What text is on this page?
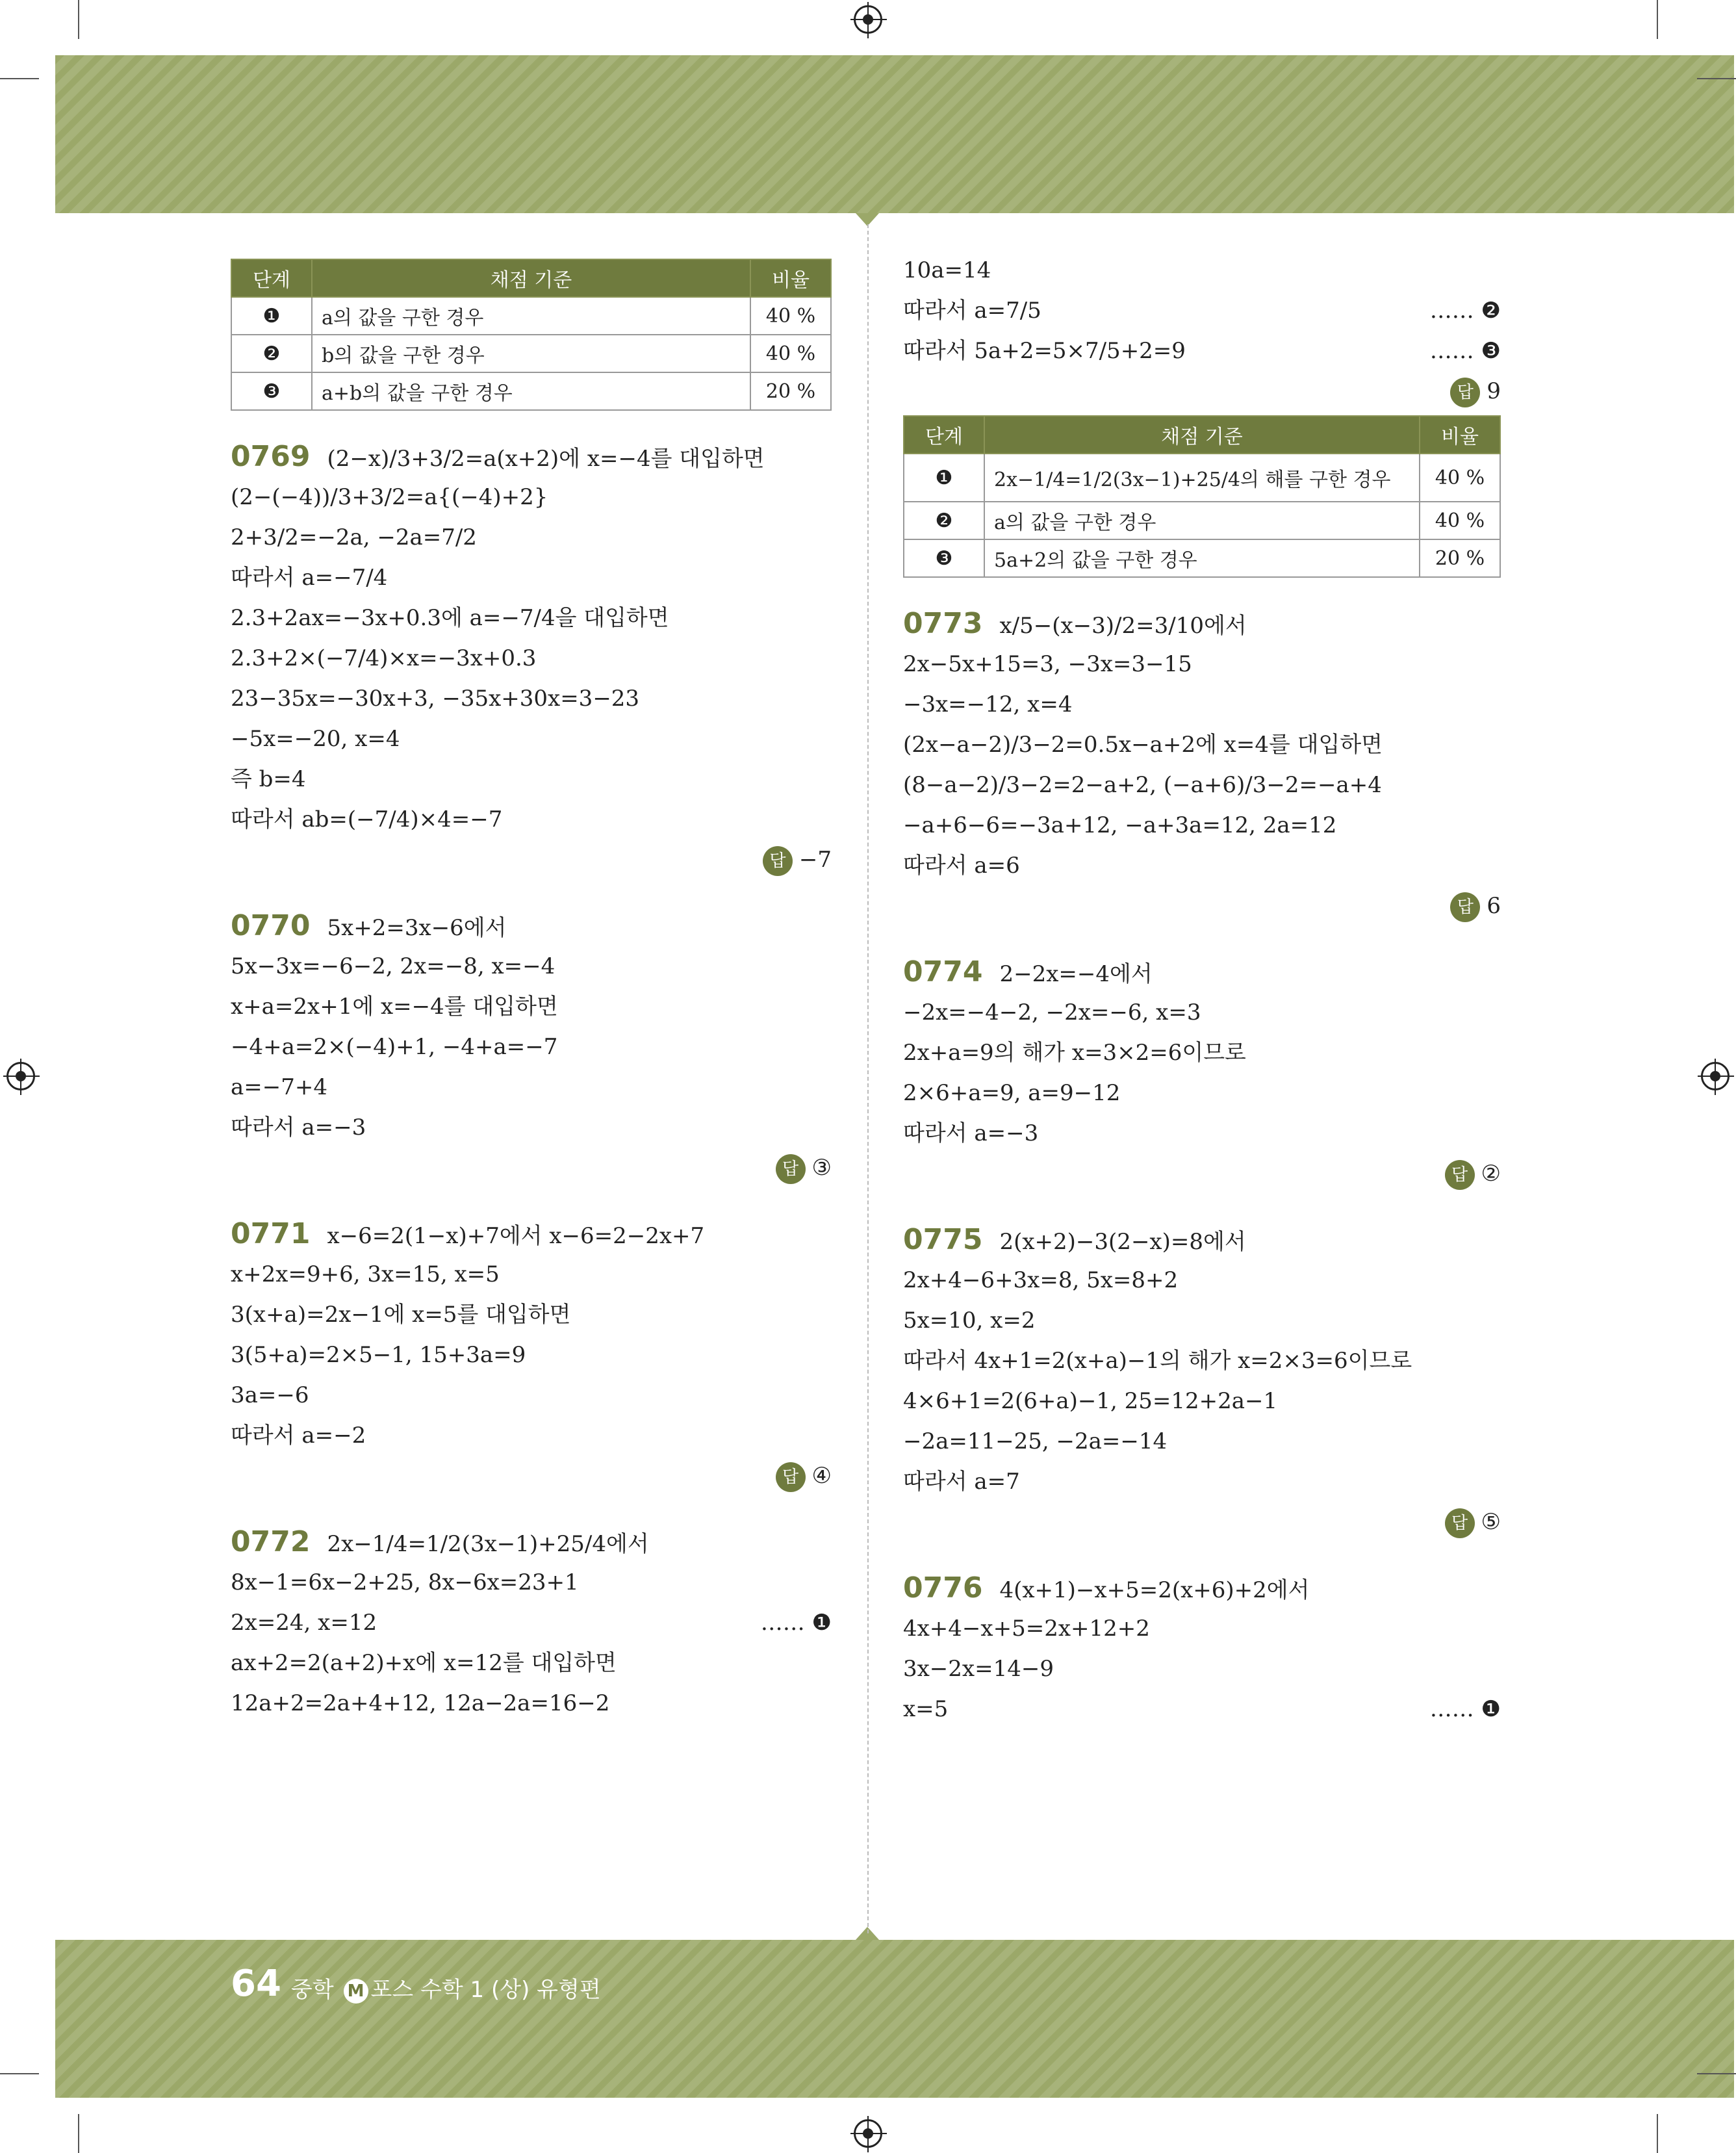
단계	채점 기준	비율
❶	a의 값을 구한 경우	40 %
❷	b의 값을 구한 경우	40 %
❸	a+b의 값을 구한 경우	20 %
0769 (2−x)/3+3/2=a(x+2)에 x=−4를 대입하면
(2−(−4))/3+3/2=a{(−4)+2}
2+3/2=−2a, −2a=7/2
따라서 a=−7/4
2.3+2ax=−3x+0.3에 a=−7/4을 대입하면
2.3+2×(−7/4)×x=−3x+0.3
23−35x=−30x+3, −35x+30x=3−23
−5x=−20, x=4
즉 b=4
따라서 ab=(−7/4)×4=−7
답 −7
0770 5x+2=3x−6에서
5x−3x=−6−2, 2x=−8, x=−4
x+a=2x+1에 x=−4를 대입하면
−4+a=2×(−4)+1, −4+a=−7
a=−7+4
따라서 a=−3
답 ③
0771 x−6=2(1−x)+7에서 x−6=2−2x+7
x+2x=9+6, 3x=15, x=5
3(x+a)=2x−1에 x=5를 대입하면
3(5+a)=2×5−1, 15+3a=9
3a=−6
따라서 a=−2
답 ④
0772 2x−1/4=1/2(3x−1)+25/4에서
8x−1=6x−2+25, 8x−6x=23+1
2x=24, x=12	…… ❶
ax+2=2(a+2)+x에 x=12를 대입하면
12a+2=2a+4+12, 12a−2a=16−2
10a=14
따라서 a=7/5	…… ❷
따라서 5a+2=5×7/5+2=9	…… ❸
답 9
단계	채점 기준	비율
❶	2x−1/4=1/2(3x−1)+25/4의 해를 구한 경우	40 %
❷	a의 값을 구한 경우	40 %
❸	5a+2의 값을 구한 경우	20 %
0773 x/5−(x−3)/2=3/10에서
2x−5x+15=3, −3x=3−15
−3x=−12, x=4
(2x−a−2)/3−2=0.5x−a+2에 x=4를 대입하면
(8−a−2)/3−2=2−a+2, (−a+6)/3−2=−a+4
−a+6−6=−3a+12, −a+3a=12, 2a=12
따라서 a=6
답 6
0774 2−2x=−4에서
−2x=−4−2, −2x=−6, x=3
2x+a=9의 해가 x=3×2=6이므로
2×6+a=9, a=9−12
따라서 a=−3
답 ②
0775 2(x+2)−3(2−x)=8에서
2x+4−6+3x=8, 5x=8+2
5x=10, x=2
따라서 4x+1=2(x+a)−1의 해가 x=2×3=6이므로
4×6+1=2(6+a)−1, 25=12+2a−1
−2a=11−25, −2a=−14
따라서 a=7
답 ⑤
0776 4(x+1)−x+5=2(x+6)+2에서
4x+4−x+5=2x+12+2
3x−2x=14−9
x=5	…… ❶
64 중학 M 포스 수학 1 (상) 유형편
